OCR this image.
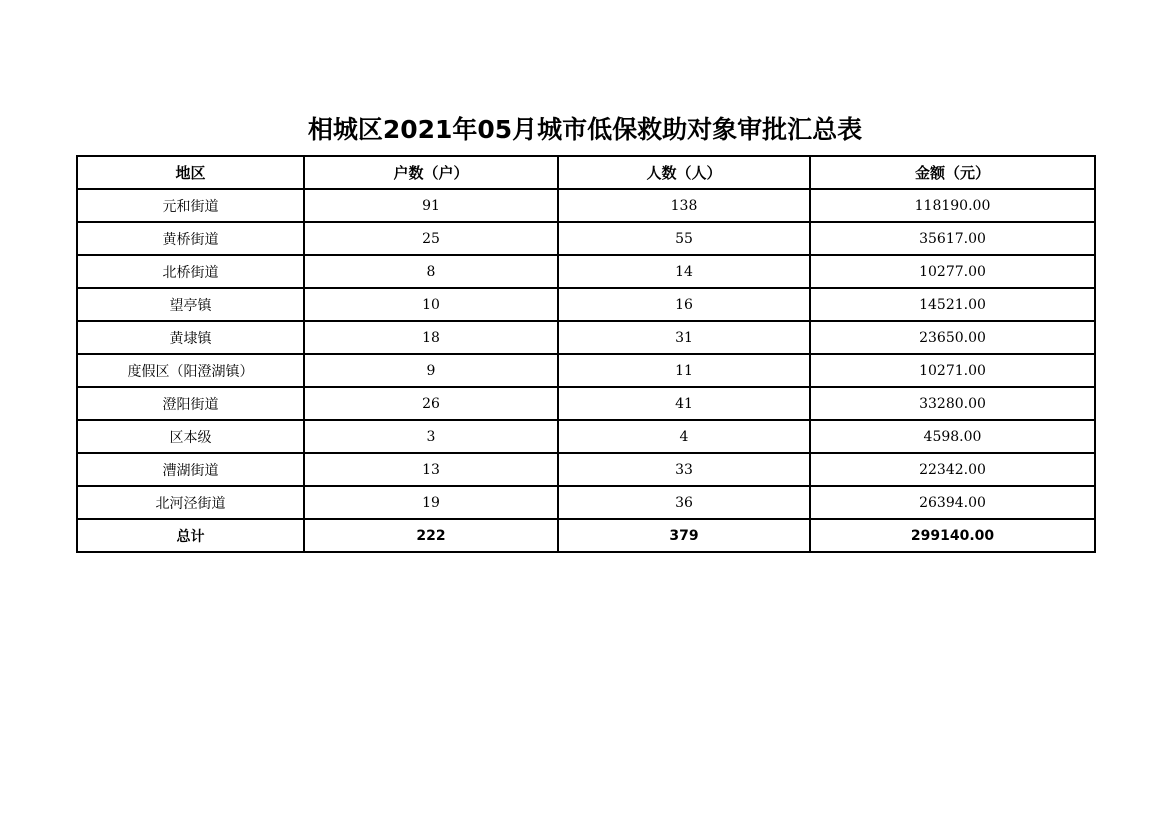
相城区2021年05月城市低保救助对象审批汇总表
地区	户数（户）	人数（人）	金额（元）
元和街道	91	138	118190.00
黄桥街道	25	55	35617.00
北桥街道	8	14	10277.00
望亭镇	10	16	14521.00
黄埭镇	18	31	23650.00
度假区（阳澄湖镇）	9	11	10271.00
澄阳街道	26	41	33280.00
区本级	3	4	4598.00
漕湖街道	13	33	22342.00
北河泾街道	19	36	26394.00
总计	222	379	299140.00
